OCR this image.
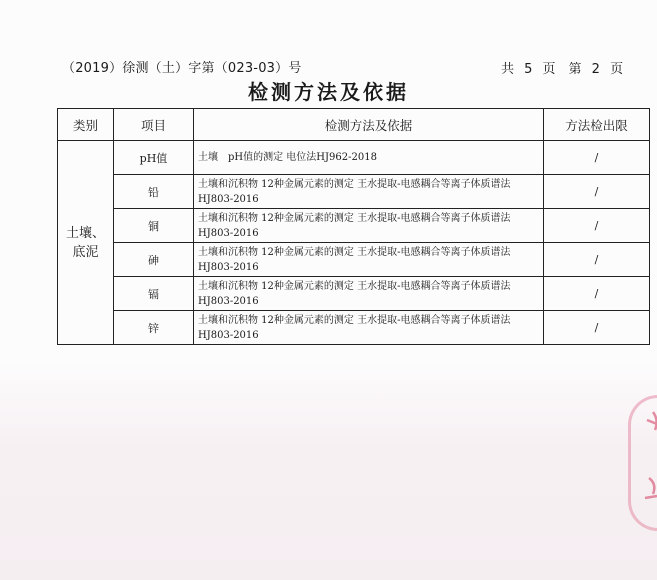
（2019）徐测（土）字第（023-03）号	共 5 页　第 2 页
检测方法及依据
类别	项目	检测方法及依据	方法检出限

土壤、
底泥	pH值	土壤　pH值的测定 电位法HJ962-2018	/
	铅	土壤和沉积物 12种金属元素的测定 王水提取-电感耦合等离子体质谱法 HJ803-2016	/
	铜	土壤和沉积物 12种金属元素的测定 王水提取-电感耦合等离子体质谱法 HJ803-2016	/
	砷	土壤和沉积物 12种金属元素的测定 王水提取-电感耦合等离子体质谱法 HJ803-2016	/
	镉	土壤和沉积物 12种金属元素的测定 王水提取-电感耦合等离子体质谱法 HJ803-2016	/
	锌	土壤和沉积物 12种金属元素的测定 王水提取-电感耦合等离子体质谱法 HJ803-2016	/
